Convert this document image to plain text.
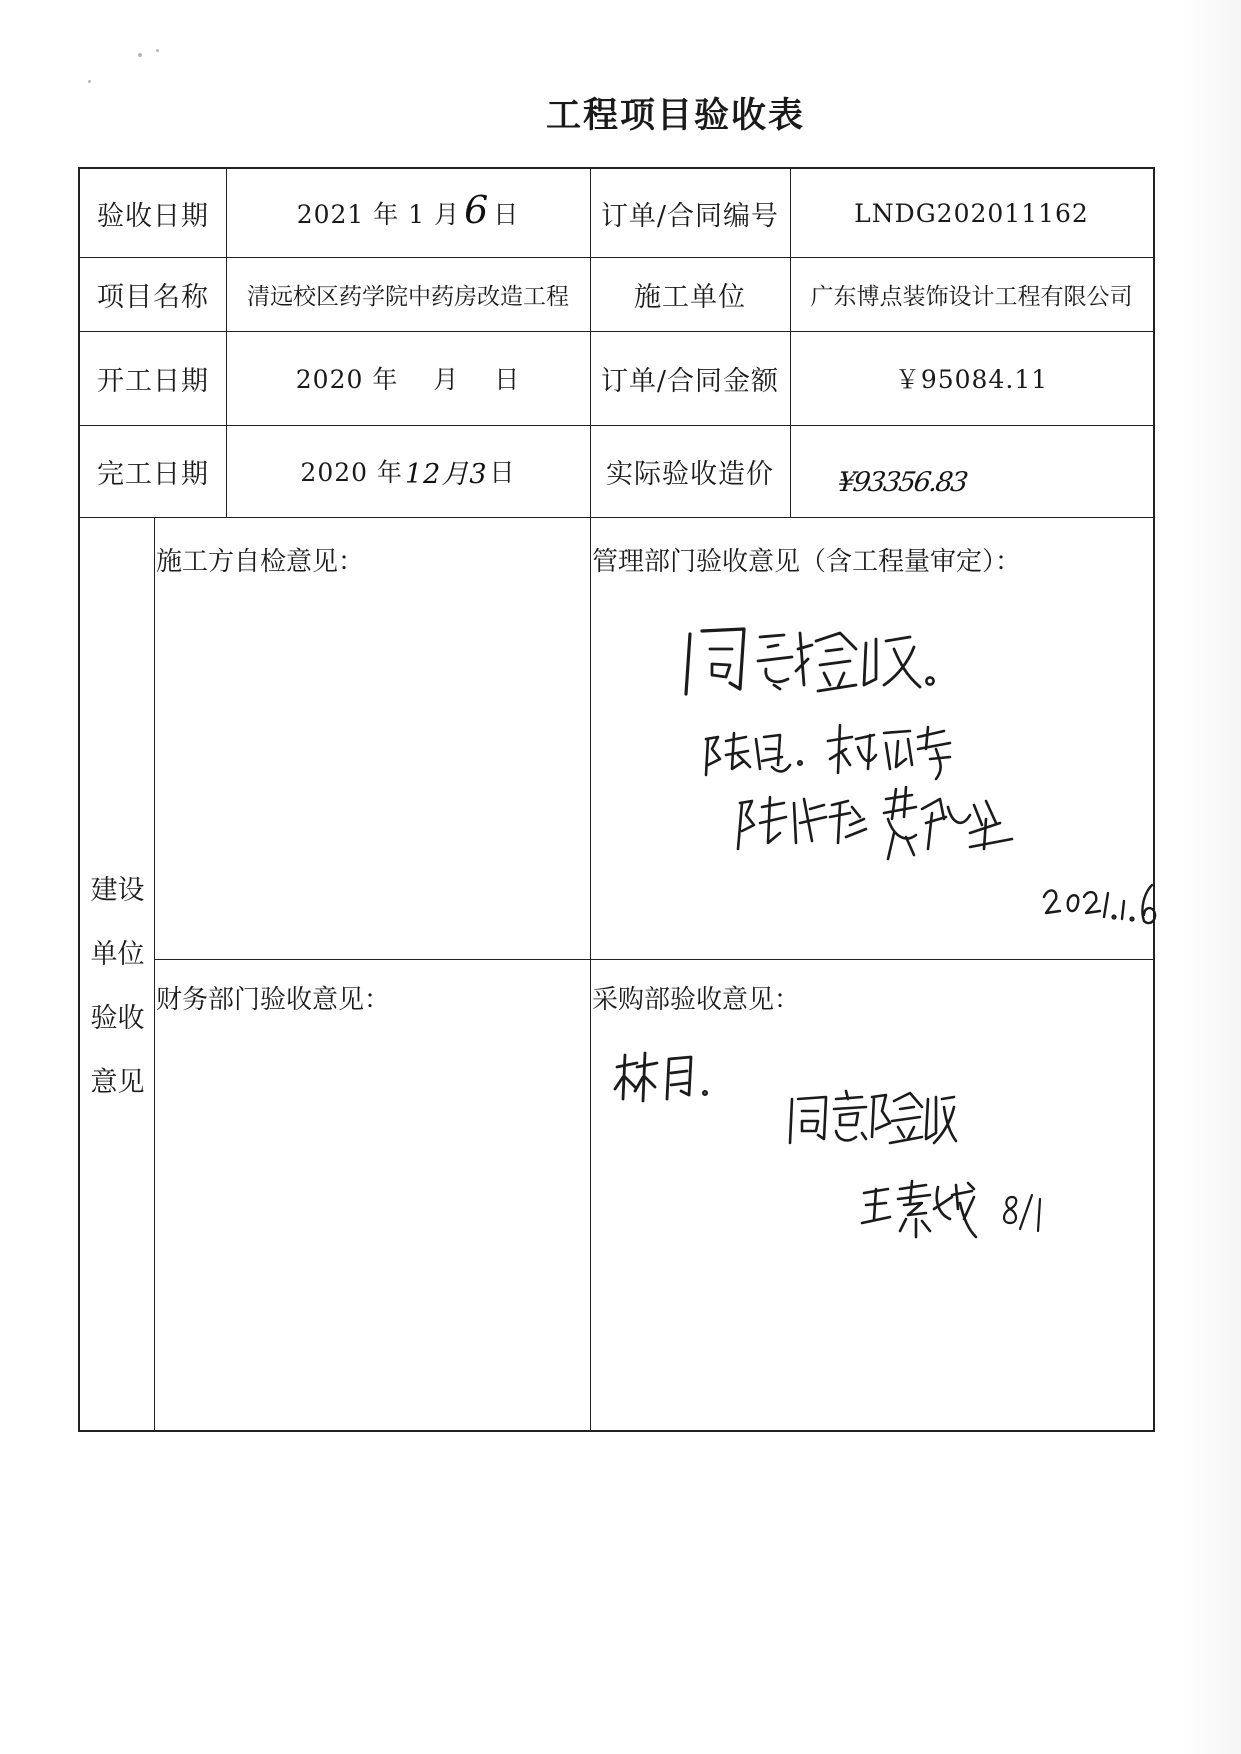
工程项目验收表
验收日期	2021 年 1 月 6 日	订单/合同编号	LNDG202011162
项目名称	清远校区药学院中药房改造工程	施工单位	广东博点装饰设计工程有限公司
开工日期	2020 年　 月　 日	订单/合同金额	￥95084.11
完工日期	2020 年 12月3 日	实际验收造价	¥93356.83
建设
单位
验收
意见
施工方自检意见：	管理部门验收意见（含工程量审定）：
财务部门验收意见：	采购部验收意见：
